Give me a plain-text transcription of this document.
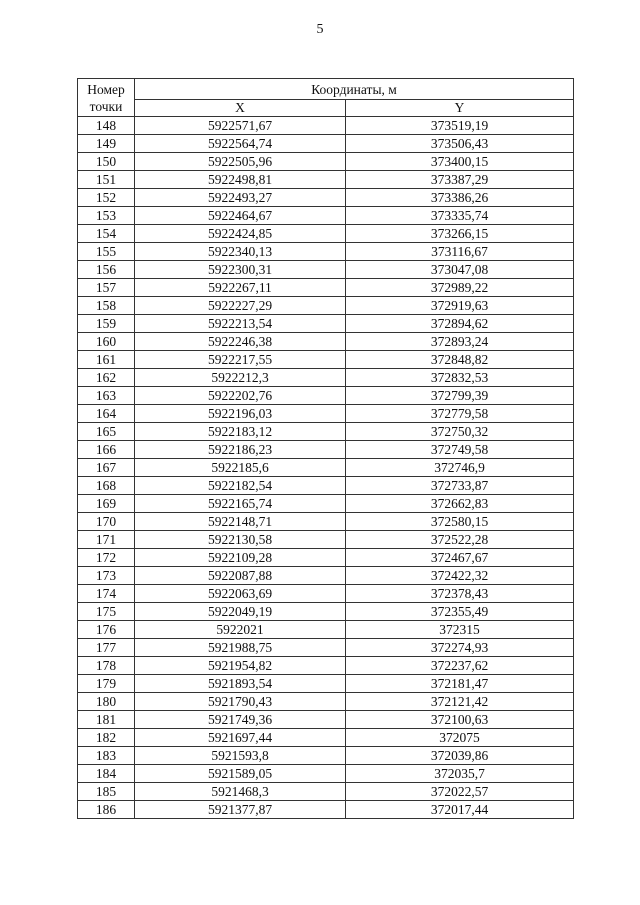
5
Номер
точки	Координаты, м	
	X	Y
148	5922571,67	373519,19
149	5922564,74	373506,43
150	5922505,96	373400,15
151	5922498,81	373387,29
152	5922493,27	373386,26
153	5922464,67	373335,74
154	5922424,85	373266,15
155	5922340,13	373116,67
156	5922300,31	373047,08
157	5922267,11	372989,22
158	5922227,29	372919,63
159	5922213,54	372894,62
160	5922246,38	372893,24
161	5922217,55	372848,82
162	5922212,3	372832,53
163	5922202,76	372799,39
164	5922196,03	372779,58
165	5922183,12	372750,32
166	5922186,23	372749,58
167	5922185,6	372746,9
168	5922182,54	372733,87
169	5922165,74	372662,83
170	5922148,71	372580,15
171	5922130,58	372522,28
172	5922109,28	372467,67
173	5922087,88	372422,32
174	5922063,69	372378,43
175	5922049,19	372355,49
176	5922021	372315
177	5921988,75	372274,93
178	5921954,82	372237,62
179	5921893,54	372181,47
180	5921790,43	372121,42
181	5921749,36	372100,63
182	5921697,44	372075
183	5921593,8	372039,86
184	5921589,05	372035,7
185	5921468,3	372022,57
186	5921377,87	372017,44
